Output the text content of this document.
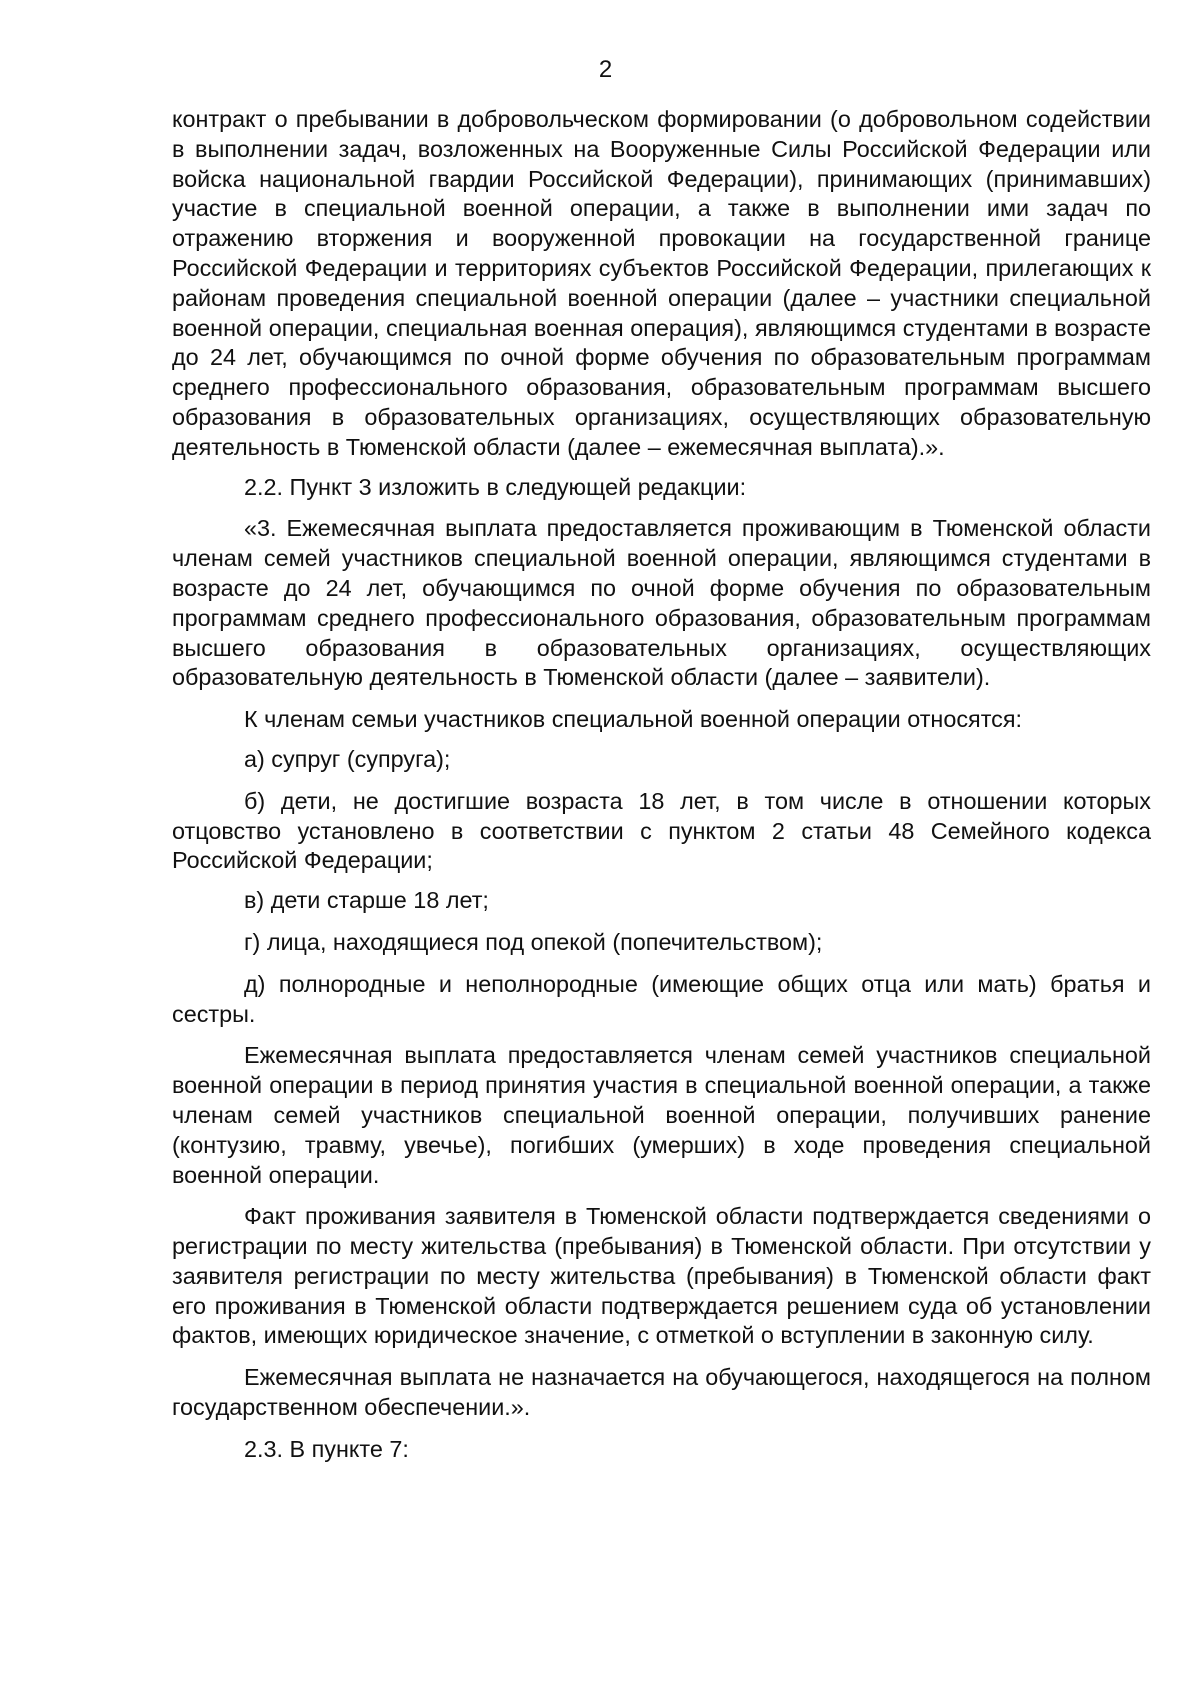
2

контракт о пребывании в добровольческом формировании (о добровольном содействии в выполнении задач, возложенных на Вооруженные Силы Российской Федерации или войска национальной гвардии Российской Федерации), принимающих (принимавших) участие в специальной военной операции, а также в выполнении ими задач по отражению вторжения и вооруженной провокации на государственной границе Российской Федерации и территориях субъектов Российской Федерации, прилегающих к районам проведения специальной военной операции (далее – участники специальной военной операции, специальная военная операция), являющимся студентами в возрасте до 24 лет, обучающимся по очной форме обучения по образовательным программам среднего профессионального образования, образовательным программам высшего образования в образовательных организациях, осуществляющих образовательную деятельность в Тюменской области (далее – ежемесячная выплата).».

2.2. Пункт 3 изложить в следующей редакции:

«3. Ежемесячная выплата предоставляется проживающим в Тюменской области членам семей участников специальной военной операции, являющимся студентами в возрасте до 24 лет, обучающимся по очной форме обучения по образовательным программам среднего профессионального образования, образовательным программам высшего образования в образовательных организациях, осуществляющих образовательную деятельность в Тюменской области (далее – заявители).

К членам семьи участников специальной военной операции относятся:

а) супруг (супруга);

б) дети, не достигшие возраста 18 лет, в том числе в отношении которых отцовство установлено в соответствии с пунктом 2 статьи 48 Семейного кодекса Российской Федерации;

в) дети старше 18 лет;

г) лица, находящиеся под опекой (попечительством);

д) полнородные и неполнородные (имеющие общих отца или мать) братья и сестры.

Ежемесячная выплата предоставляется членам семей участников специальной военной операции в период принятия участия в специальной военной операции, а также членам семей участников специальной военной операции, получивших ранение (контузию, травму, увечье), погибших (умерших) в ходе проведения специальной военной операции.

Факт проживания заявителя в Тюменской области подтверждается сведениями о регистрации по месту жительства (пребывания) в Тюменской области. При отсутствии у заявителя регистрации по месту жительства (пребывания) в Тюменской области факт его проживания в Тюменской области подтверждается решением суда об установлении фактов, имеющих юридическое значение, с отметкой о вступлении в законную силу.

Ежемесячная выплата не назначается на обучающегося, находящегося на полном государственном обеспечении.».

2.3. В пункте 7:
